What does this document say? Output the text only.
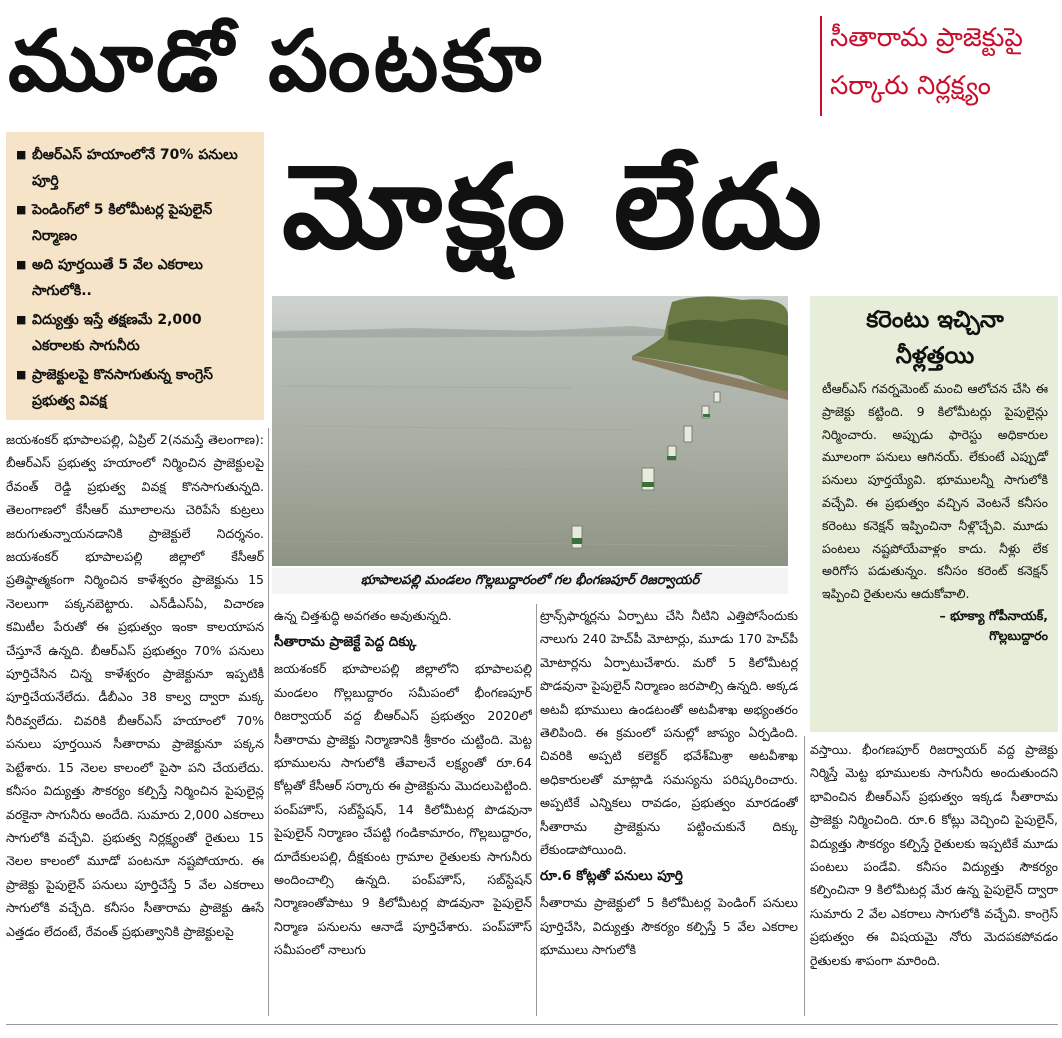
మూడో పంటకూ	సీతారామ ప్రాజెక్టుపై
సర్కారు నిర్లక్ష్యం
మోక్షం లేదు
■ బీఆర్ఎస్ హయాంలోనే 70% పనులు పూర్తి
■ పెండింగ్‌లో 5 కిలోమీటర్ల పైపులైన్ నిర్మాణం
■ అది పూర్తయితే 5 వేల ఎకరాలు సాగులోకి..
■ విద్యుత్తు ఇస్తే తక్షణమే 2,000 ఎకరాలకు సాగునీరు
■ ప్రాజెక్టులపై కొనసాగుతున్న కాంగ్రెస్ ప్రభుత్వ వివక్ష
భూపాలపల్లి మండలం గొల్లబుద్దారంలో గల భీంగణపూర్ రిజర్వాయర్
కరెంటు ఇచ్చినా
నీళ్లత్తయి
టీఆర్ఎస్ గవర్నమెంట్ మంచి ఆలోచన చేసి ఈ ప్రాజెక్టు కట్టింది. 9 కిలోమీటర్లు పైపులైన్లు నిర్మించారు. అప్పుడు ఫారెస్టు అధికారుల మూలంగా పనులు ఆగినయ్. లేకుంటే ఎప్పుడో పనులు పూర్తయ్యేవి. భూములన్నీ సాగులోకి వచ్చేవి. ఈ ప్రభుత్వం వచ్చిన వెంటనే కనీసం కరెంటు కనెక్షన్ ఇప్పించినా నీళ్లొచ్చేవి. మూడు పంటలు నష్టపోయేవాళ్లం కాదు. నీళ్లు లేక అరిగోస పడుతున్నం. కనీసం కరెంట్ కనెక్షన్ ఇప్పించి రైతులను ఆదుకోవాలి.
– భూక్యా గోపీనాయక్,
గొల్లబుద్దారం

జయశంకర్ భూపాలపల్లి, ఏప్రిల్ 2(నమస్తే తెలంగాణ): బీఆర్ఎస్ ప్రభుత్వ హయాంలో నిర్మించిన ప్రాజెక్టులపై రేవంత్ రెడ్డి ప్రభుత్వ వివక్ష కొనసాగుతున్నది. తెలంగాణలో కేసీఆర్ మూలాలను చెరిపేసే కుట్రలు జరుగుతున్నాయనడానికి ప్రాజెక్టులే నిదర్శనం. జయశంకర్ భూపాలపల్లి జిల్లాలో కేసీఆర్ ప్రతిష్ఠాత్మకంగా నిర్మించిన కాళేశ్వరం ప్రాజెక్టును 15 నెలలుగా పక్కనబెట్టారు. ఎన్‌డీఎస్ఏ, విచారణ కమిటీల పేరుతో ఈ ప్రభుత్వం ఇంకా కాలయాపన చేస్తూనే ఉన్నది. బీఆర్ఎస్ ప్రభుత్వం 70% పనులు పూర్తిచేసిన చిన్న కాళేశ్వరం ప్రాజెక్టునూ ఇప్పటికీ పూర్తిచేయనేలేదు. డీబీఎం 38 కాల్వ ద్వారా మక్క నీరివ్వలేదు. చివరికి బీఆర్ఎస్ హయాంలో 70% పనులు పూర్తయిన సీతారామ ప్రాజెక్టునూ పక్కన పెట్టేశారు. 15 నెలల కాలంలో పైసా పని చేయలేదు. కనీసం విద్యుత్తు సౌకర్యం కల్పిస్తే నిర్మించిన పైపులైన్ల వరకైనా సాగునీరు అందేది. సుమారు 2,000 ఎకరాలు సాగులోకి వచ్చేవి. ప్రభుత్వ నిర్లక్ష్యంతో రైతులు 15 నెలల కాలంలో మూడో పంటనూ నష్టపోయారు. ఈ ప్రాజెక్టు పైపులైన్ పనులు పూర్తిచేస్తే 5 వేల ఎకరాలు సాగులోకి వచ్చేది. కనీసం సీతారామ ప్రాజెక్టు ఊసే ఎత్తడం లేదంటే, రేవంత్ ప్రభుత్వానికి ప్రాజెక్టులపై

ఉన్న చిత్తశుద్ధి అవగతం అవుతున్నది.

సీతారామ ప్రాజెక్టే పెద్ద దిక్కు

జయశంకర్ భూపాలపల్లి జిల్లాలోని భూపాలపల్లి మండలం గొల్లబుద్దారం సమీపంలో భీంగణపూర్ రిజర్వాయర్ వద్ద బీఆర్ఎస్ ప్రభుత్వం 2020లో సీతారామ ప్రాజెక్టు నిర్మాణానికి శ్రీకారం చుట్టింది. మెట్ట భూములను సాగులోకి తేవాలనే లక్ష్యంతో రూ.64 కోట్లతో కేసీఆర్ సర్కారు ఈ ప్రాజెక్టును మొదలుపెట్టింది. పంప్‌హౌస్, సబ్‌స్టేషన్, 14 కిలోమీటర్ల పొడవునా పైపులైన్ నిర్మాణం చేపట్టి గండికామారం, గొల్లబుద్దారం, దూదేకులపల్లి, దీక్షకుంట గ్రామాల రైతులకు సాగునీరు అందించాల్సి ఉన్నది. పంప్‌హౌస్, సబ్‌స్టేషన్ నిర్మాణంతోపాటు 9 కిలోమీటర్ల పొడవునా పైపులైన్ నిర్మాణ పనులను ఆనాడే పూర్తిచేశారు. పంప్‌హౌస్ సమీపంలో నాలుగు

ట్రాన్స్‌ఫార్మర్లను ఏర్పాటు చేసి నీటిని ఎత్తిపోసేందుకు నాలుగు 240 హెచ్‌పీ మోటార్లు, మూడు 170 హెచ్‌పీ మోటార్లను ఏర్పాటుచేశారు. మరో 5 కిలోమీటర్ల పొడవునా పైపులైన్ నిర్మాణం జరపాల్సి ఉన్నది. అక్కడ అటవీ భూములు ఉండటంతో అటవీశాఖ అభ్యంతరం తెలిపింది. ఈ క్రమంలో పనుల్లో జాప్యం ఏర్పడింది. చివరికి అప్పటి కలెక్టర్ భవేశ్‌మిశ్రా అటవీశాఖ అధికారులతో మాట్లాడి సమస్యను పరిష్కరించారు. అప్పటికే ఎన్నికలు రావడం, ప్రభుత్వం మారడంతో సీతారామ ప్రాజెక్టును పట్టించుకునే దిక్కు లేకుండాపోయింది.

రూ.6 కోట్లతో పనులు పూర్తి

సీతారామ ప్రాజెక్టులో 5 కిలోమీటర్ల పెండింగ్ పనులు పూర్తిచేసి, విద్యుత్తు సౌకర్యం కల్పిస్తే 5 వేల ఎకరాల భూములు సాగులోకి

వస్తాయి. భీంగణపూర్ రిజర్వాయర్ వద్ద ప్రాజెక్టు నిర్మిస్తే మెట్ట భూములకు సాగునీరు అందుతుందని భావించిన బీఆర్ఎస్ ప్రభుత్వం ఇక్కడ సీతారామ ప్రాజెక్టు నిర్మించింది. రూ.6 కోట్లు వెచ్చించి పైపులైన్, విద్యుత్తు సౌకర్యం కల్పిస్తే రైతులకు ఇప్పటికే మూడు పంటలు పండేవి. కనీసం విద్యుత్తు సౌకర్యం కల్పించినా 9 కిలోమీటర్ల మేర ఉన్న పైపులైన్ ద్వారా సుమారు 2 వేల ఎకరాలు సాగులోకి వచ్చేవి. కాంగ్రెస్ ప్రభుత్వం ఈ విషయమై నోరు మెదపకపోవడం రైతులకు శాపంగా మారింది.
